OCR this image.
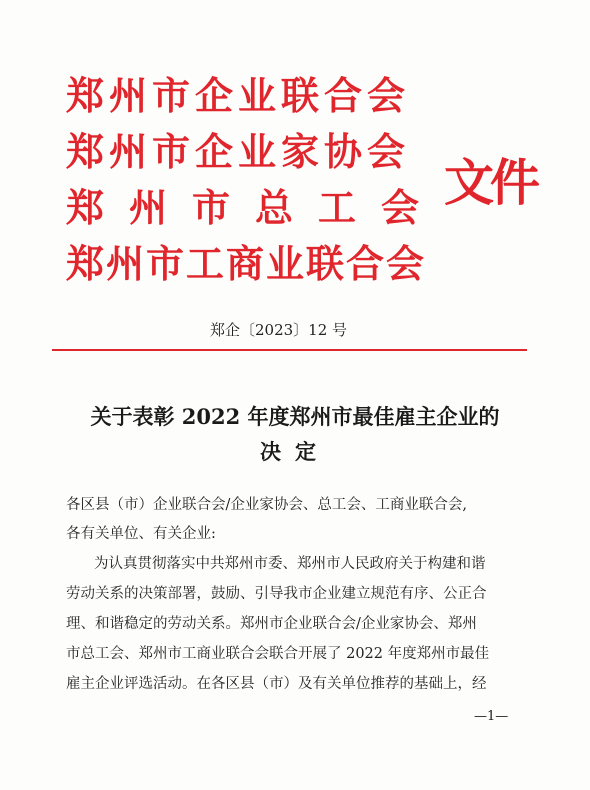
郑州市企业联合会
郑州市企业家协会
郑州市总工会
郑州市工商业联合会
文件
郑企〔2023〕12 号
关于表彰 2022 年度郑州市最佳雇主企业的
决定
各区县（市）企业联合会/企业家协会、总工会、工商业联合会,
各有关单位、有关企业:
为认真贯彻落实中共郑州市委、郑州市人民政府关于构建和谐
劳动关系的决策部署，鼓励、引导我市企业建立规范有序、公正合
理、和谐稳定的劳动关系。郑州市企业联合会/企业家协会、郑州
市总工会、郑州市工商业联合会联合开展了 2022 年度郑州市最佳
雇主企业评选活动。在各区县（市）及有关单位推荐的基础上，经
—1—
